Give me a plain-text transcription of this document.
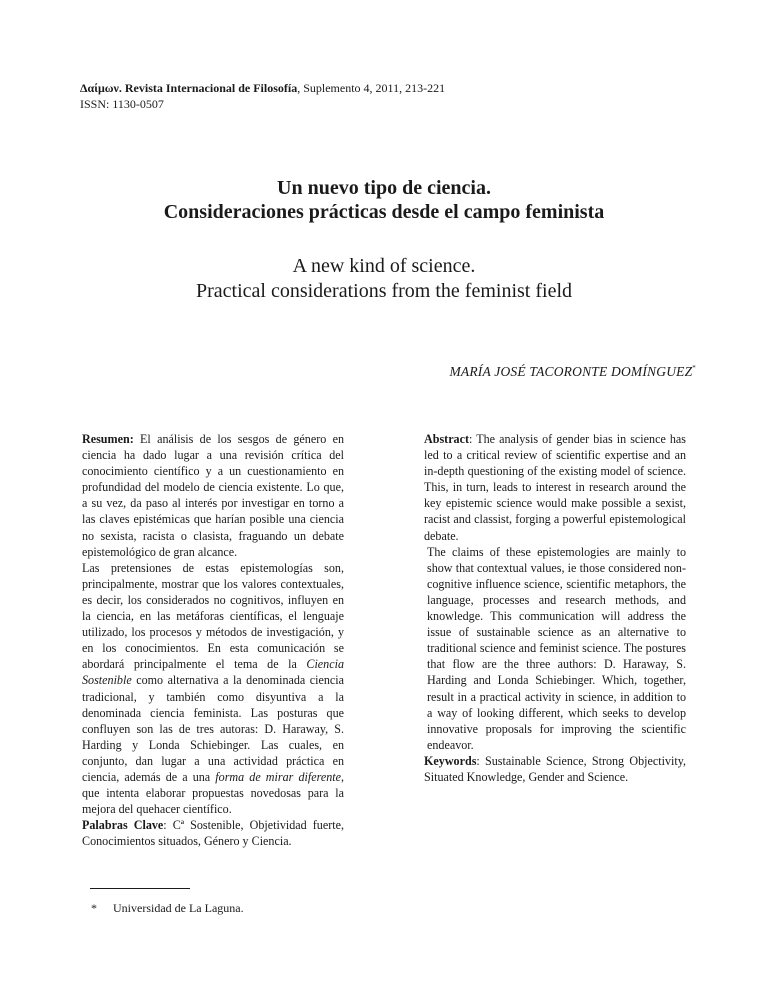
Δαίμων. Revista Internacional de Filosofía, Suplemento 4, 2011, 213-221
ISSN: 1130-0507
Un nuevo tipo de ciencia.
Consideraciones prácticas desde el campo feminista
A new kind of science.
Practical considerations from the feminist field
MARÍA JOSÉ TACORONTE DOMÍNGUEZ*

Resumen: El análisis de los sesgos de género en ciencia ha dado lugar a una revisión crítica del conocimiento científico y a un cuestionamiento en profundidad del modelo de ciencia existente. Lo que, a su vez, da paso al interés por investigar en torno a las claves epistémicas que harían posible una ciencia no sexista, racista o clasista, fraguando un debate epistemológico de gran alcance.

Las pretensiones de estas epistemologías son, principalmente, mostrar que los valores contextuales, es decir, los considerados no cognitivos, influyen en la ciencia, en las metáforas científicas, el lenguaje utilizado, los procesos y métodos de investigación, y en los conocimientos. En esta comunicación se abordará principalmente el tema de la Ciencia Sostenible como alternativa a la denominada ciencia tradicional, y también como disyuntiva a la denominada ciencia feminista. Las posturas que confluyen son las de tres autoras: D. Haraway, S. Harding y Londa Schiebinger. Las cuales, en conjunto, dan lugar a una actividad práctica en ciencia, además de a una forma de mirar diferente, que intenta elaborar propuestas novedosas para la mejora del quehacer científico.

Palabras Clave: Cª Sostenible, Objetividad fuerte, Conocimientos situados, Género y Ciencia.

Abstract: The analysis of gender bias in science has led to a critical review of scientific expertise and an in-depth questioning of the existing model of science. This, in turn, leads to interest in research around the key epistemic science would make possible a sexist, racist and classist, forging a powerful epistemological debate.

The claims of these epistemologies are mainly to show that contextual values, ie those considered non-cognitive influence science, scientific metaphors, the language, processes and research methods, and knowledge. This communication will address the issue of sustainable science as an alternative to traditional science and feminist science. The postures that flow are the three authors: D. Haraway, S. Harding and Londa Schiebinger. Which, together, result in a practical activity in science, in addition to a way of looking different, which seeks to develop innovative proposals for improving the scientific endeavor.

Keywords: Sustainable Science, Strong Objectivity, Situated Knowledge, Gender and Science.

* Universidad de La Laguna.
